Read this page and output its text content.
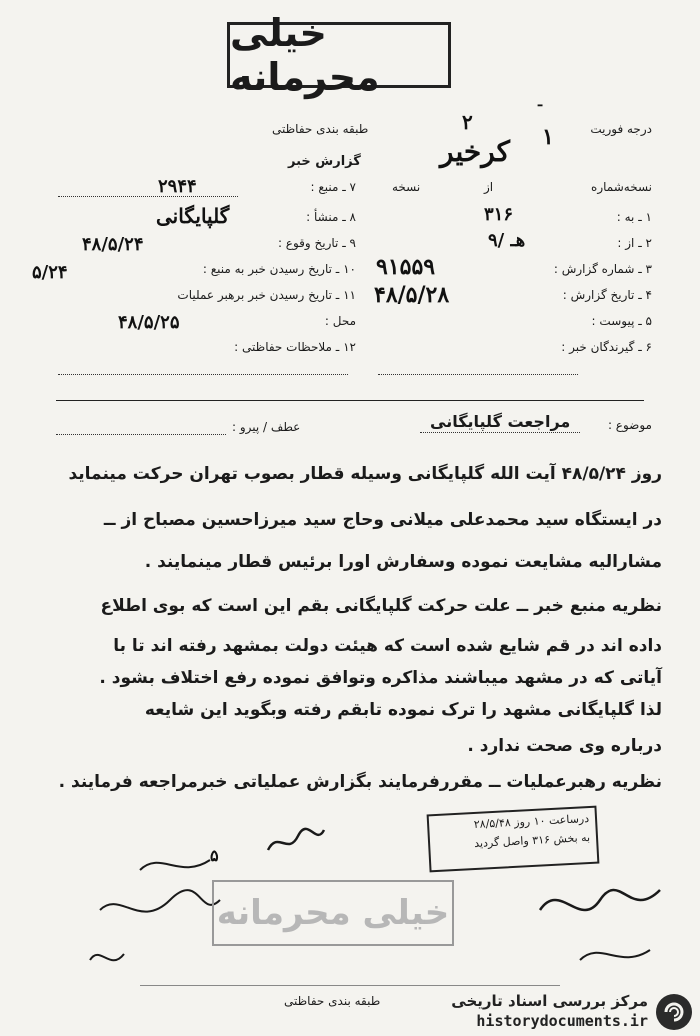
خیلی محرمانه
درجه فوریت
ـ
طبقه بندی حفاظتی
گزارش خبر
نسخه‌شماره
از
نسخه
کرخیر
۲
۱
۷ ـ منبع :
۲۹۴۴
۸ ـ منشأ :
گلپایگانی
۹ ـ تاریخ وقوع :
۴۸/۵/۲۴
۱۰ ـ تاریخ رسیدن خبر به منبع :
۵/۲۴
۱۱ ـ تاریخ رسیدن خبر برهبر عملیات
محل :
۴۸/۵/۲۵
۱۲ ـ ملاحظات حفاظتی :
۱ ـ به :
۳۱۶
۲ ـ از :
۹/ هـ
۳ ـ شماره گزارش :
۹۱۵۵۹
۴ ـ تاریخ گزارش :
۴۸/۵/۲۸
۵ ـ پیوست :
۶ ـ گیرندگان خبر :
موضوع :
مراجعت گلپایگانی
عطف / پیرو :
روز ۴۸/۵/۲۴ آیت الله گلپایگانی وسیله قطار بصوب تهران حرکت مینماید
در ایستگاه سید محمدعلی میلانی وحاج سید میرزاحسین مصباح از ــ
مشارالیه مشایعت نموده وسفارش اورا برئیس قطار مینمایند .
نظریه منبع خبر ــ علت حرکت گلپایگانی بقم این است که بوی اطلاع
داده اند در قم شایع شده است که هیئت دولت بمشهد رفته اند تا با
آیاتی که در مشهد میباشند مذاکره وتوافق نموده رفع اختلاف بشود .
لذا گلپایگانی مشهد را ترک نموده تابقم رفته وبگوید این شایعه
درباره وی صحت ندارد .
نظریه رهبرعملیات ــ مقررفرمایند بگزارش عملیاتی خبرمراجعه فرمایند .
درساعت ۱۰ روز ۲۸/۵/۴۸
به بخش ۳۱۶ واصل گردید
۵
خیلی محرمانه
طبقه بندی حفاظتی	مرکز بررسی اسناد تاریخی
historydocuments.ir
